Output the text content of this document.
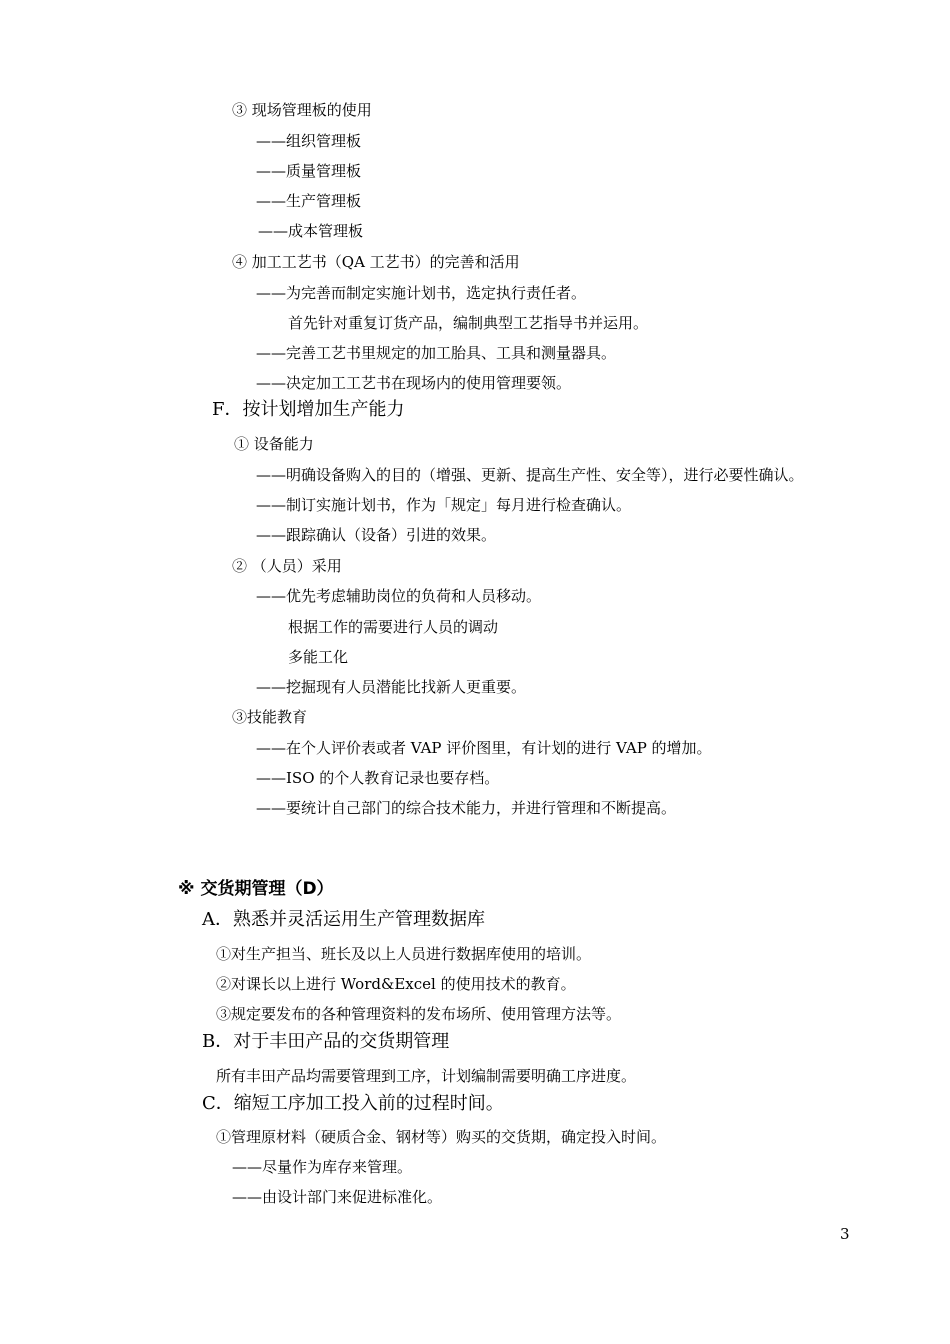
③ 现场管理板的使用
——组织管理板
——质量管理板
——生产管理板
——成本管理板
④ 加工工艺书（QA 工艺书）的完善和活用
——为完善而制定实施计划书，选定执行责任者。
首先针对重复订货产品，编制典型工艺指导书并运用。
——完善工艺书里规定的加工胎具、工具和测量器具。
——决定加工工艺书在现场内的使用管理要领。
F．按计划增加生产能力
① 设备能力
——明确设备购入的目的（增强、更新、提高生产性、安全等），进行必要性确认。
——制订实施计划书，作为「规定」每月进行检查确认。
——跟踪确认（设备）引进的效果。
② （人员）采用
——优先考虑辅助岗位的负荷和人员移动。
根据工作的需要进行人员的调动
多能工化
——挖掘现有人员潜能比找新人更重要。
③技能教育
——在个人评价表或者 VAP 评价图里，有计划的进行 VAP 的增加。
——ISO 的个人教育记录也要存档。
——要统计自己部门的综合技术能力，并进行管理和不断提高。
※ 交货期管理（D）
A．熟悉并灵活运用生产管理数据库
①对生产担当、班长及以上人员进行数据库使用的培训。
②对课长以上进行 Word&Excel 的使用技术的教育。
③规定要发布的各种管理资料的发布场所、使用管理方法等。
B．对于丰田产品的交货期管理
所有丰田产品均需要管理到工序，计划编制需要明确工序进度。
C．缩短工序加工投入前的过程时间。
①管理原材料（硬质合金、钢材等）购买的交货期，确定投入时间。
——尽量作为库存来管理。
——由设计部门来促进标准化。
3
